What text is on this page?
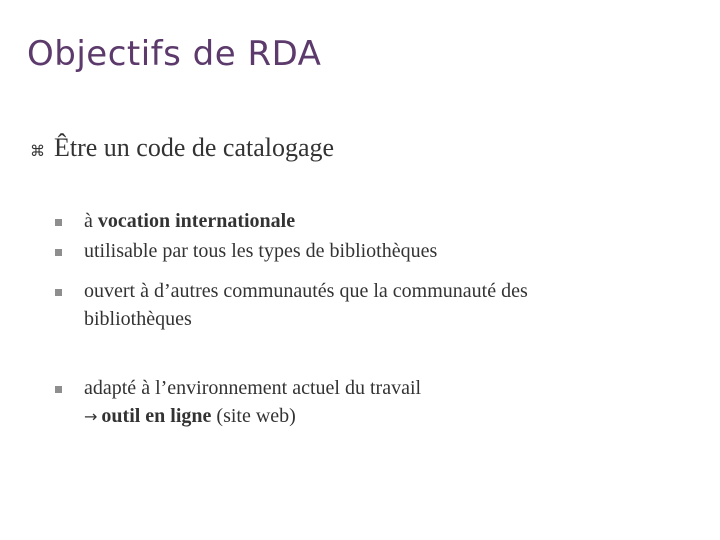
Objectifs de RDA
⌘ Être un code de catalogage
à vocation internationale
utilisable par tous les types de bibliothèques
ouvert à d’autres communautés que la communauté des
bibliothèques
adapté à l’environnement actuel du travail
→ outil en ligne (site web)
